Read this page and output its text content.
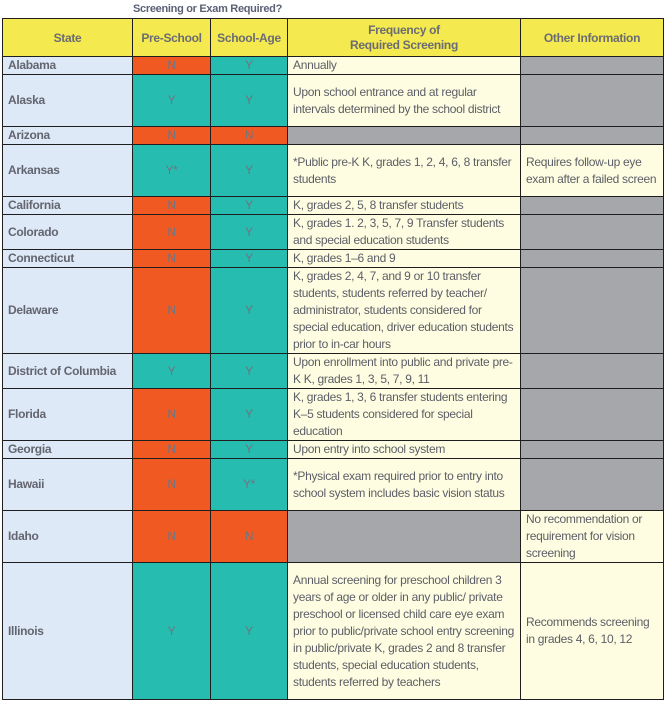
Screening or Exam Required?
State	Pre-School	School-Age	Frequency of
Required Screening	Other Information
Alabama	N	Y	Annually	
Alaska	Y	Y	Upon school entrance and at regular intervals determined by the school district	
Arizona	N	N		
Arkansas	Y*	Y	*Public pre-K K, grades 1, 2, 4, 6, 8 transfer students	Requires follow-up eye exam after a failed screen
California	N	Y	K, grades 2, 5, 8 transfer students	
Colorado	N	Y	K, grades 1. 2, 3, 5, 7, 9 Transfer students and special education students	
Connecticut	N	Y	K, grades 1–6 and 9	
Delaware	N	Y	K, grades 2, 4, 7, and 9 or 10 transfer students, students referred by teacher/ administrator, students considered for special education, driver education students prior to in-car hours	
District of Columbia	Y	Y	Upon enrollment into public and private pre-K K, grades 1, 3, 5, 7, 9, 11	
Florida	N	Y	K, grades 1, 3, 6 transfer students entering K–5 students considered for special education	
Georgia	N	Y	Upon entry into school system	
Hawaii	N	Y*	*Physical exam required prior to entry into school system includes basic vision status	
Idaho	N	N		No recommendation or requirement for vision screening
Illinois	Y	Y	Annual screening for preschool children 3 years of age or older in any public/ private preschool or licensed child care eye exam prior to public/private school entry screening in public/private K, grades 2 and 8 transfer students, special education students, students referred by teachers	Recommends screening in grades 4, 6, 10, 12
